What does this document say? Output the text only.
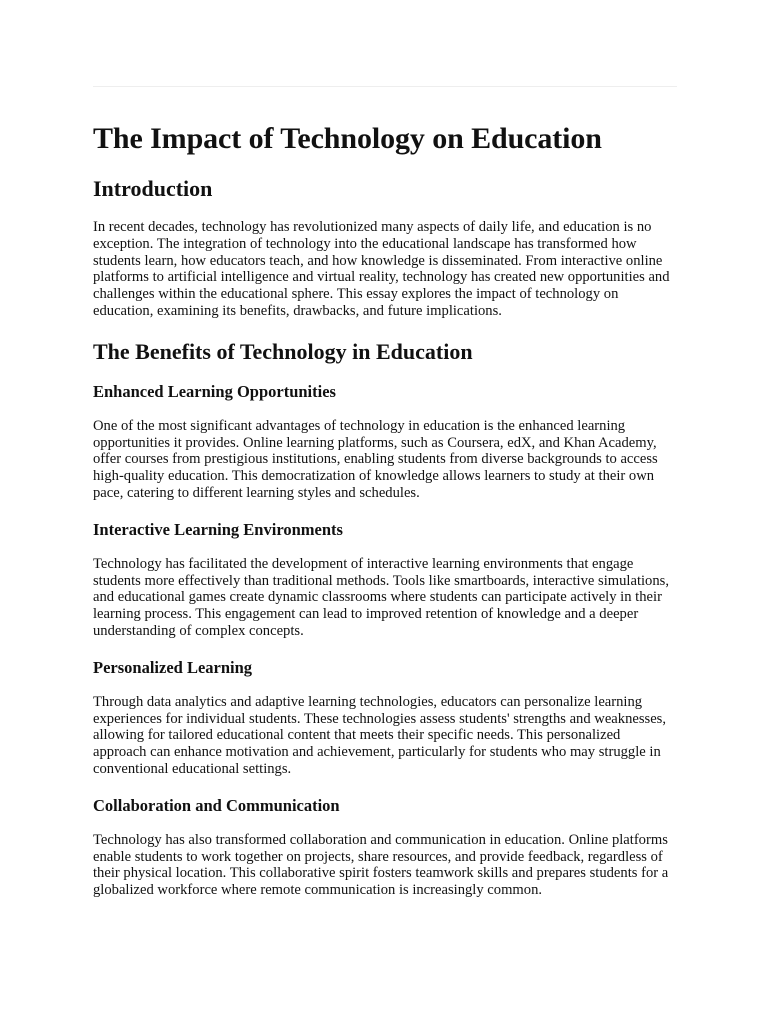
The Impact of Technology on Education
Introduction

In recent decades, technology has revolutionized many aspects of daily life, and education is no exception. The integration of technology into the educational landscape has transformed how students learn, how educators teach, and how knowledge is disseminated. From interactive online platforms to artificial intelligence and virtual reality, technology has created new opportunities and challenges within the educational sphere. This essay explores the impact of technology on education, examining its benefits, drawbacks, and future implications.

The Benefits of Technology in Education
Enhanced Learning Opportunities

One of the most significant advantages of technology in education is the enhanced learning opportunities it provides. Online learning platforms, such as Coursera, edX, and Khan Academy, offer courses from prestigious institutions, enabling students from diverse backgrounds to access high-quality education. This democratization of knowledge allows learners to study at their own pace, catering to different learning styles and schedules.

Interactive Learning Environments

Technology has facilitated the development of interactive learning environments that engage students more effectively than traditional methods. Tools like smartboards, interactive simulations, and educational games create dynamic classrooms where students can participate actively in their learning process. This engagement can lead to improved retention of knowledge and a deeper understanding of complex concepts.

Personalized Learning

Through data analytics and adaptive learning technologies, educators can personalize learning experiences for individual students. These technologies assess students' strengths and weaknesses, allowing for tailored educational content that meets their specific needs. This personalized approach can enhance motivation and achievement, particularly for students who may struggle in conventional educational settings.

Collaboration and Communication

Technology has also transformed collaboration and communication in education. Online platforms enable students to work together on projects, share resources, and provide feedback, regardless of their physical location. This collaborative spirit fosters teamwork skills and prepares students for a globalized workforce where remote communication is increasingly common.
